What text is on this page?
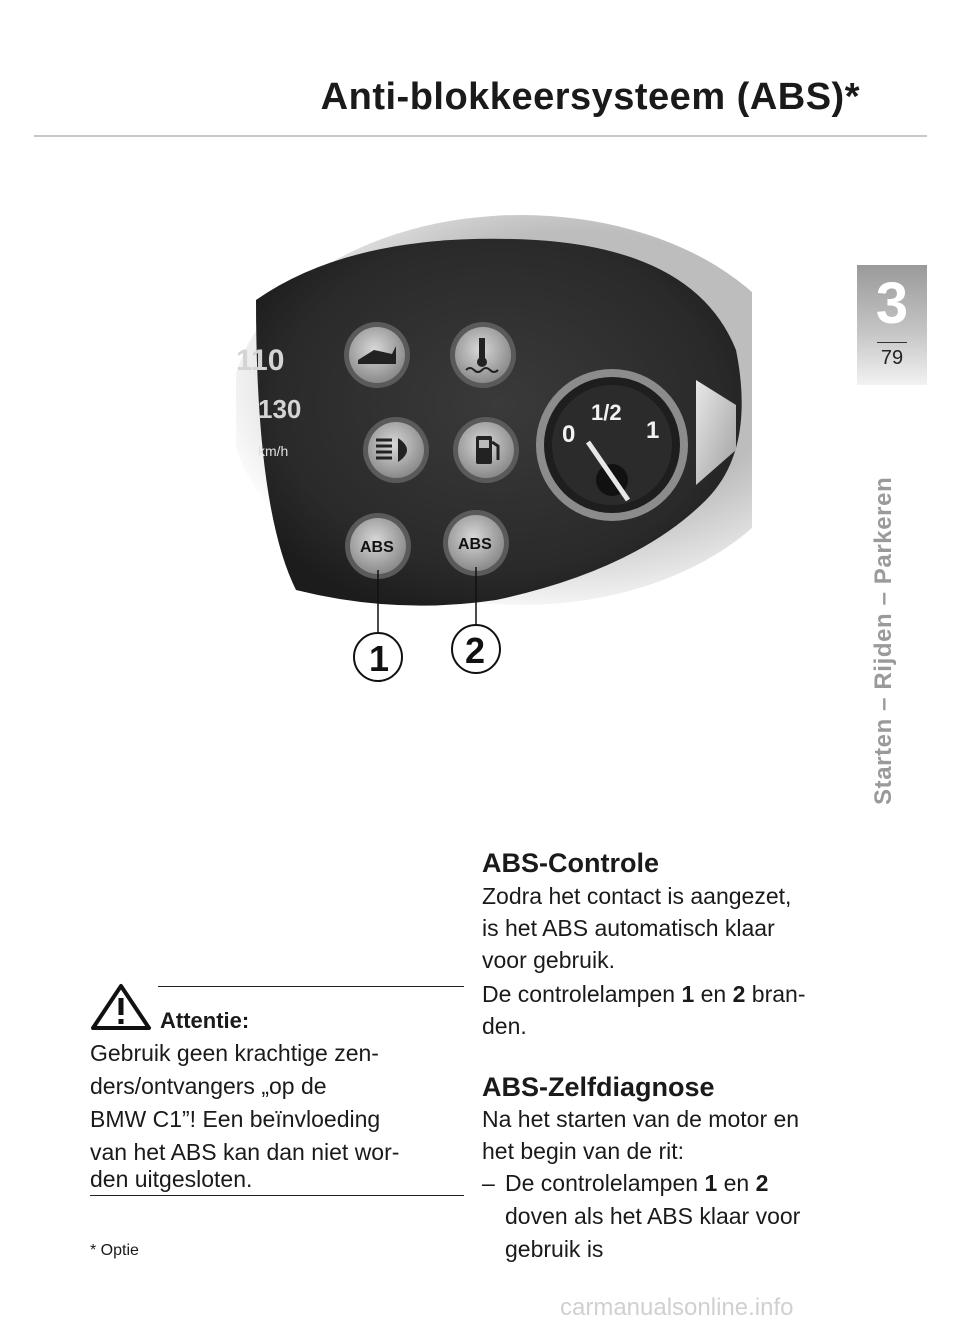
Anti-blokkeersysteem (ABS)*
3
79
Starten – Rijden – Parkeren
110
130
km/h
0
1/2
1
ABS	ABS
1 2
Attentie:

Gebruik geen krachtige zen-

ders/ontvangers „op de

BMW C1”! Een beïnvloeding

van het ABS kan dan niet wor-

den uitgesloten.

* Optie
ABS-Controle

Zodra het contact is aangezet,

is het ABS automatisch klaar

voor gebruik.

De controlelampen 1 en 2 bran-

den.

ABS-Zelfdiagnose

Na het starten van de motor en

het begin van de rit:

– De controlelampen 1 en 2

doven als het ABS klaar voor

gebruik is

carmanualsonline.info
